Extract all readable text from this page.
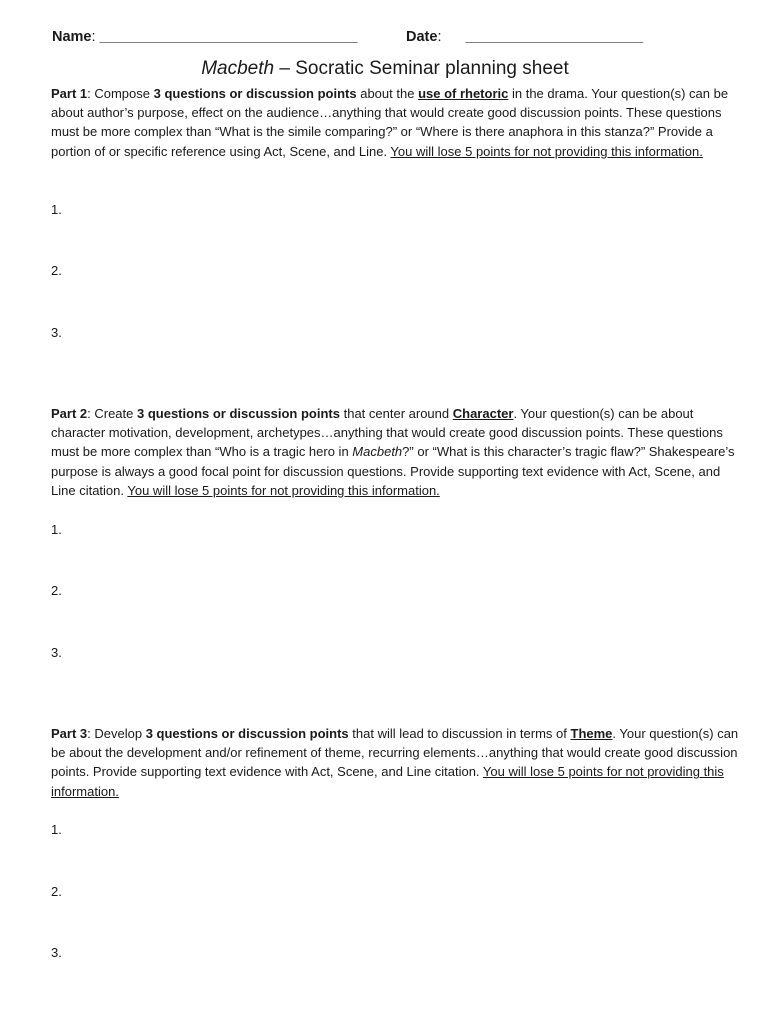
Name: ________________________________	Date: ______________________
Macbeth – Socratic Seminar planning sheet

Part 1: Compose 3 questions or discussion points about the use of rhetoric in the drama. Your question(s) can be about author’s purpose, effect on the audience…anything that would create good discussion points. These questions must be more complex than “What is the simile comparing?” or “Where is there anaphora in this stanza?” Provide a portion of or specific reference using Act, Scene, and Line. You will lose 5 points for not providing this information.

1.
2.
3.

Part 2: Create 3 questions or discussion points that center around Character. Your question(s) can be about character motivation, development, archetypes…anything that would create good discussion points. These questions must be more complex than “Who is a tragic hero in Macbeth?” or “What is this character’s tragic flaw?” Shakespeare’s purpose is always a good focal point for discussion questions. Provide supporting text evidence with Act, Scene, and Line citation. You will lose 5 points for not providing this information.

1.
2.
3.

Part 3: Develop 3 questions or discussion points that will lead to discussion in terms of Theme. Your question(s) can be about the development and/or refinement of theme, recurring elements…anything that would create good discussion points. Provide supporting text evidence with Act, Scene, and Line citation. You will lose 5 points for not providing this information.

1.
2.
3.
